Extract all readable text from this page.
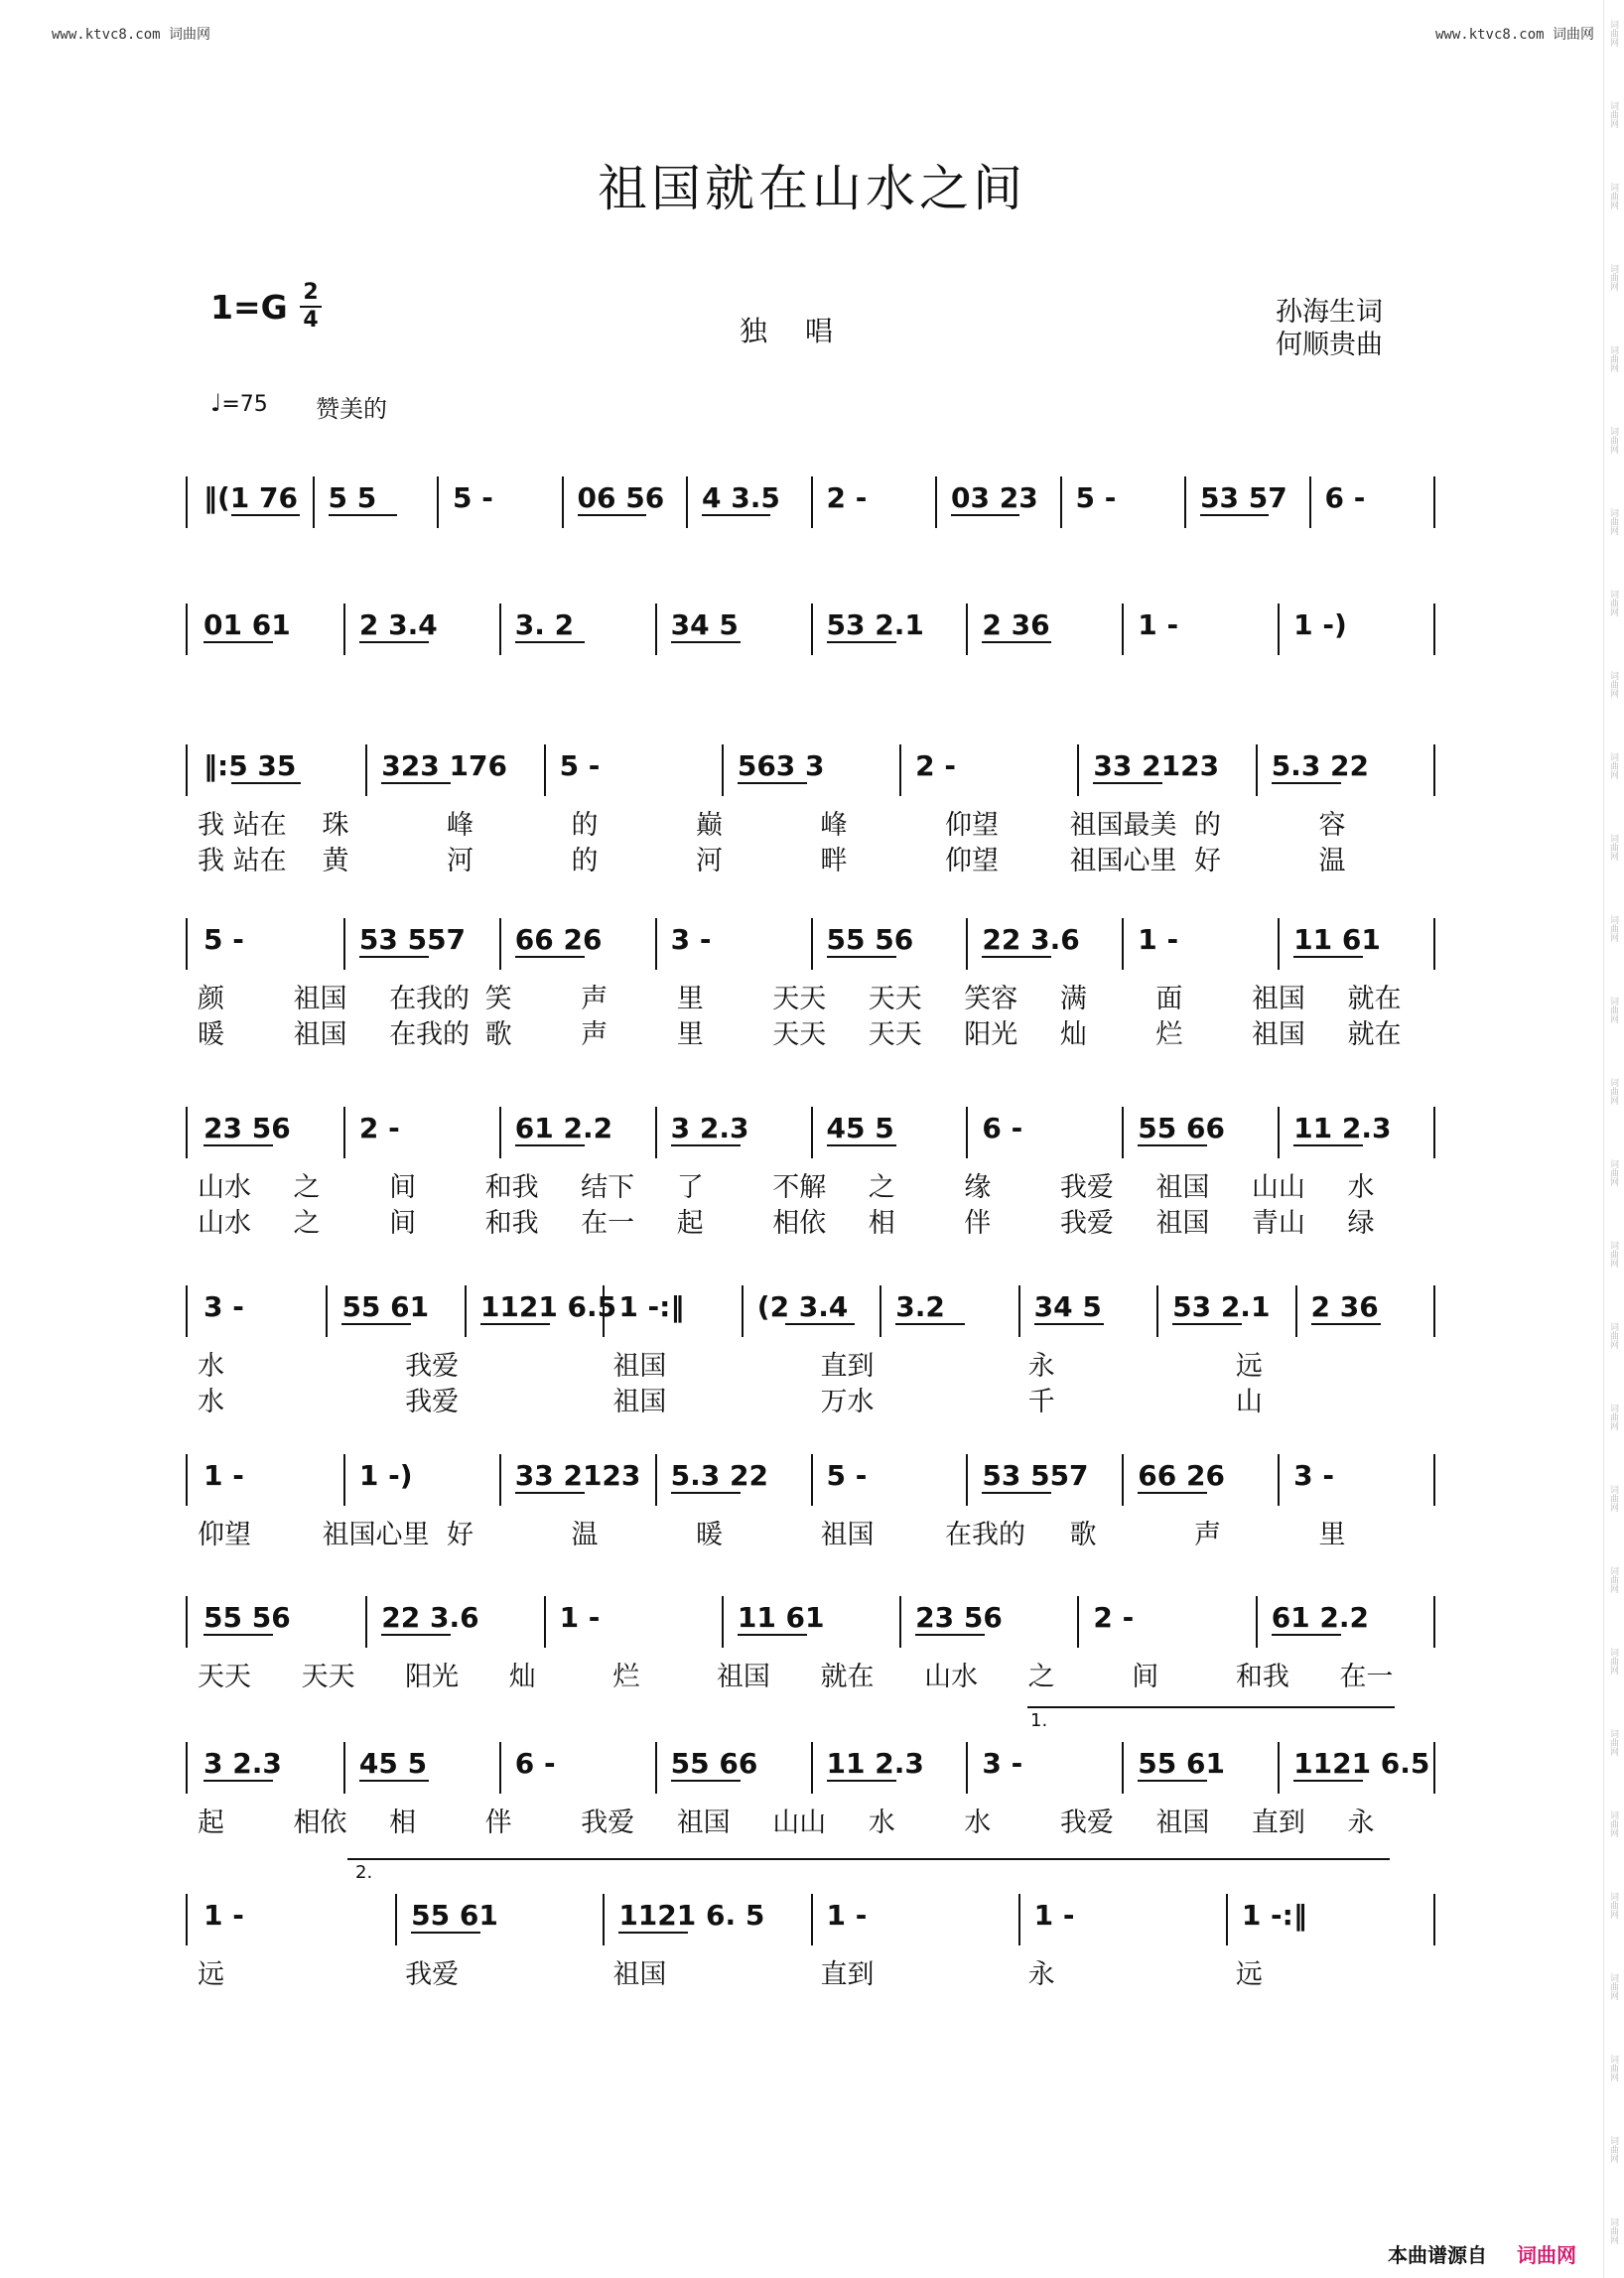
www.ktvc8.com 词曲网	www.ktvc8.com 词曲网 词曲网
词曲网
词曲网
词曲网
词曲网
词曲网
词曲网
词曲网
词曲网
词曲网
词曲网
词曲网
词曲网
词曲网
词曲网
词曲网
词曲网
词曲网
词曲网
词曲网
词曲网
词曲网
词曲网
词曲网
词曲网
词曲网
词曲网
词曲网
祖国就在山水之间
1=G 2
4	独唱
孙海生词
何顺贵曲
♩=75 赞美的
‖(1 76 5 5	5 -	06 56 4 3.5 2 -	03 23 5 -	53 57 6 -
01 61 2 3.4	3. 2	34 5	53 2.1 2 36	1 -	1 -)
‖:5 35	323 176 5 -	563 3	2 -	33 2123 5.3 22
我 站在 珠	峰	的	巅	峰	仰望	祖国最美 的	容
我 站在 黄	河	的	河	畔	仰望	祖国心里 好	温
5 -	53 557 66 26 3 -	55 56 22 3.6 1 -	11 61
颜	祖国 在我的 笑	声	里	天天 天天 笑容 满	面	祖国 就在
暖	祖国 在我的 歌	声	里	天天 天天 阳光 灿	烂	祖国 就在
23 56 2 -	61 2.2 3 2.3	45 5	6 -	55 66 11 2.3
山水 之	间	和我 结下 了	不解 之	缘	我爱 祖国 山山 水
山水 之	间	和我 在一 起	相依 相	伴	我爱 祖国 青山 绿
3 -	55 61 1121 6.5 1 -:‖	(2 3.4 3.2	34 5	53 2.1 2 36
水	我爱	祖国	直到	永	远
水	我爱	祖国	万水	千	山
1 -	1 -)	33 2123 5.3 22 5 -	53 557 66 26 3 -
仰望	祖国心里 好	温	暖	祖国	在我的 歌	声	里
55 56	22 3.6	1 -	11 61	23 56	2 -	61 2.2
天天 天天 阳光 灿	烂	祖国 就在 山水 之	间	和我 在一
3 2.3	45 5	6 -	55 66 11 2.3 3 -	55 61 1121 6.5
起	相依 相	伴	我爱 祖国 山山 水	水	我爱 祖国 直到 永
1.
1 -	55 61	1121 6. 5 1 -	1 -	1 -:‖
远	我爱	祖国	直到	永	远
2.
本曲谱源自 词曲网
